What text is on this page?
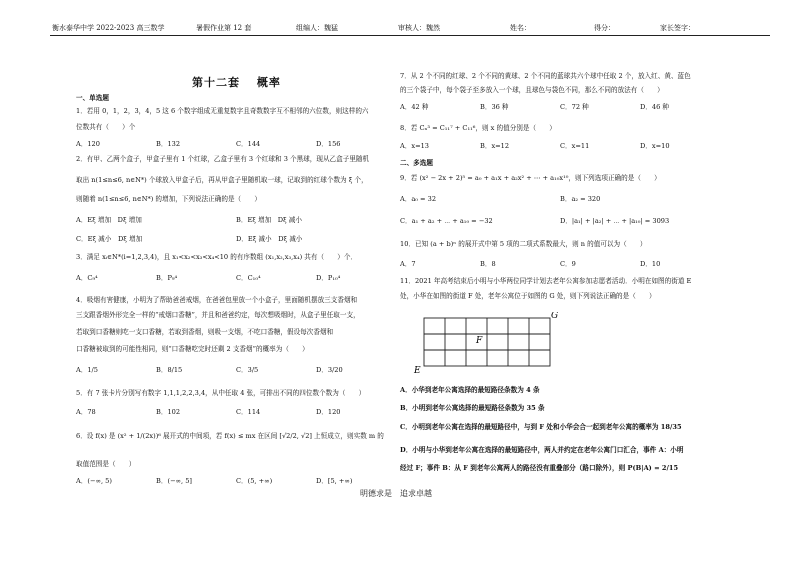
衡水泰华中学 2022-2023 高三数学	暑假作业第 12 套	组编人：魏猛	审核人：魏然	姓名：	得分：	家长签字：
第十二套　 概率
一、单选题
1．若用 0，1，2，3，4，5 这 6 个数字组成无重复数字且奇数数字互不相邻的六位数，则这样的六
位数共有（　　）个
A．120	B．132	C．144	D．156
2．有甲、乙两个盒子，甲盒子里有 1 个红球，乙盒子里有 3 个红球和 3 个黑球，现从乙盒子里随机
取出 n(1≤n≤6, n∈N*) 个球放入甲盒子后，再从甲盒子里随机取一球，记取到的红球个数为 ξ 个，
则随着 n(1≤n≤6, n∈N*) 的增加，下列说法正确的是（　　）
A．Eξ 增加　Dξ 增加	B．Eξ 增加　Dξ 减小
C．Eξ 减小　Dξ 增加	D．Eξ 减小　Dξ 减小
3．满足 xᵢ∈N*(i=1,2,3,4)，且 x₁<x₂<x₃<x₄<10 的有序数组 (x₁,x₂,x₃,x₄) 共有（　　）个．
A．C₉⁴	B．P₉⁴	C．C₁₀⁴	D．P₁₀⁴
4．吸烟有害健康，小明为了帮助爸爸戒烟，在爸爸包里放一个小盒子，里面随机摆放三支香烟和
三支跟香烟外形完全一样的“戒烟口香糖”，并且和爸爸约定，每次想吸烟时，从盒子里任取一支，
若取到口香糖则吃一支口香糖，若取到香烟，则吸一支烟，不吃口香糖，假设每次香烟和
口香糖被取到的可能性相同，则“口香糖吃完时还剩 2 支香烟”的概率为（　　）
A．1/5	B．8/15	C．3/5	D．3/20
5．有 7 张卡片分别写有数字 1,1,1,2,2,3,4，从中任取 4 张，可排出不同的四位数个数为（　　）
A．78	B．102	C．114	D．120
6．设 f(x) 是 (x² + 1/(2x))⁶ 展开式的中间项，若 f(x) ≤ mx 在区间 [√2/2, √2] 上恒成立，则实数 m 的
取值范围是（　　）
A．(−∞, 5)	B．(−∞, 5]	C．(5, +∞)	D．[5, +∞)
7．从 2 个不同的红球、2 个不同的黄球、2 个不同的蓝球共六个球中任取 2 个，放入红、黄、蓝色
的三个袋子中，每个袋子至多放入一个球，且球色与袋色不同，那么不同的放法有（　　）
A．42 种	B．36 种	C．72 种	D．46 种
8．若 Cₙ³ = C₁₁⁷ + C₁₁⁶，则 x 的值分别是（　　）
A．x=13	B．x=12	C．x=11	D．x=10
二、多选题
9．若 (x² − 2x + 2)⁵ = a₀ + a₁x + a₂x² + ⋯ + a₁₀x¹⁰，则下列选项正确的是（　　）
A．a₀ = 32	B．a₂ = 320
C．a₁ + a₂ + ⋯ + a₁₀ = −32	D．|a₁| + |a₂| + ⋯ + |a₁₀| = 3093
10．已知 (a + b)ⁿ 的展开式中第 5 项的二项式系数最大，则 n 的值可以为（　　）
A．7	B．8	C．9	D．10
11．2021 年高考结束后小明与小华两位同学计划去老年公寓参加志愿者活动．小明在如图的街道 E
处，小华在如图的街道 F 处，老年公寓位于如图的 G 处，则下列说法正确的是（　　）
G
F
E
A．小华到老年公寓选择的最短路径条数为 4 条
B．小明到老年公寓选择的最短路径条数为 35 条
C．小明到老年公寓在选择的最短路径中，与到 F 处和小华会合一起到老年公寓的概率为 18/35
D．小明与小华到老年公寓在选择的最短路径中，两人并约定在老年公寓门口汇合，事件 A：小明
经过 F；事件 B：从 F 到老年公寓两人的路径没有重叠部分（路口除外），则 P(B|A) = 2/15
明德求是　追求卓越
